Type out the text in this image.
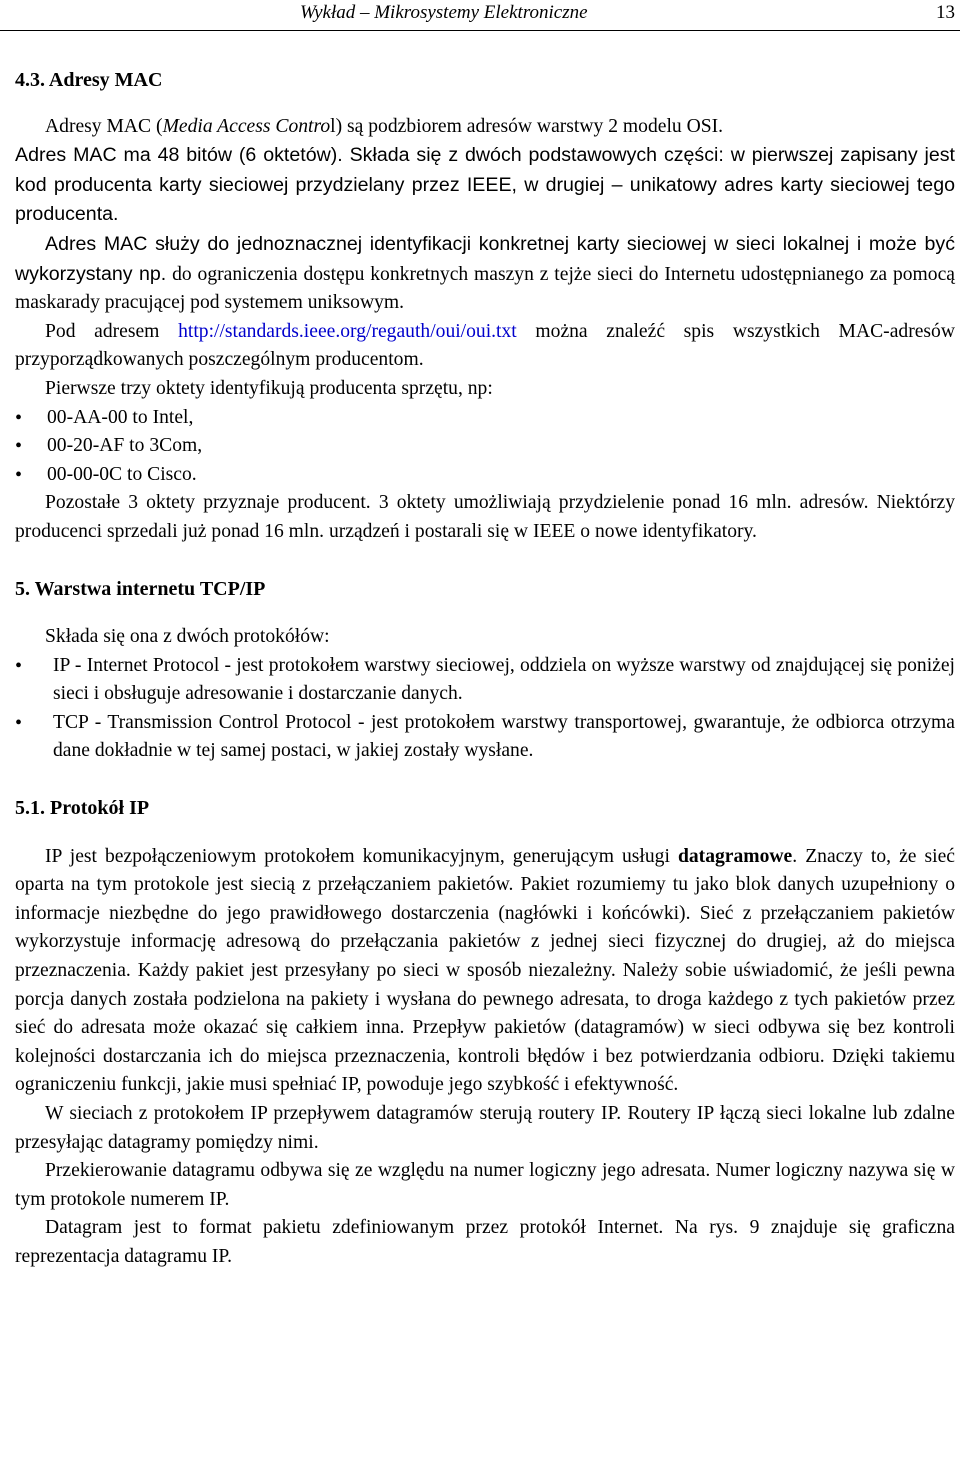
Wykład – Mikrosystemy Elektroniczne	13
4.3. Adresy MAC

Adresy MAC (Media Access Control) są podzbiorem adresów warstwy 2 modelu OSI.

Adres MAC ma 48 bitów (6 oktetów). Składa się z dwóch podstawowych części: w pierwszej zapisany jest kod producenta karty sieciowej przydzielany przez IEEE, w drugiej – unikatowy adres karty sieciowej tego producenta.

Adres MAC służy do jednoznacznej identyfikacji konkretnej karty sieciowej w sieci lokalnej i może być wykorzystany np. do ograniczenia dostępu konkretnych maszyn z tejże sieci do Internetu udostępnianego za pomocą maskarady pracującej pod systemem uniksowym.

Pod adresem http://standards.ieee.org/regauth/oui/oui.txt można znaleźć spis wszystkich MAC-adresów przyporządkowanych poszczególnym producentom.

Pierwsze trzy oktety identyfikują producenta sprzętu, np:

• 00-AA-00 to Intel,
• 00-20-AF to 3Com,
• 00-00-0C to Cisco.

Pozostałe 3 oktety przyznaje producent. 3 oktety umożliwiają przydzielenie ponad 16 mln. adresów. Niektórzy producenci sprzedali już ponad 16 mln. urządzeń i postarali się w IEEE o nowe identyfikatory.

5. Warstwa internetu TCP/IP

Składa się ona z dwóch protokółów:

• IP - Internet Protocol - jest protokołem warstwy sieciowej, oddziela on wyższe warstwy od znajdującej się poniżej sieci i obsługuje adresowanie i dostarczanie danych.
• TCP - Transmission Control Protocol - jest protokołem warstwy transportowej, gwarantuje, że odbiorca otrzyma dane dokładnie w tej samej postaci, w jakiej zostały wysłane.
5.1. Protokół IP

IP jest bezpołączeniowym protokołem komunikacyjnym, generującym usługi datagramowe. Znaczy to, że sieć oparta na tym protokole jest siecią z przełączaniem pakietów. Pakiet rozumiemy tu jako blok danych uzupełniony o informacje niezbędne do jego prawidłowego dostarczenia (nagłówki i końcówki). Sieć z przełączaniem pakietów wykorzystuje informację adresową do przełączania pakietów z jednej sieci fizycznej do drugiej, aż do miejsca przeznaczenia. Każdy pakiet jest przesyłany po sieci w sposób niezależny. Należy sobie uświadomić, że jeśli pewna porcja danych została podzielona na pakiety i wysłana do pewnego adresata, to droga każdego z tych pakietów przez sieć do adresata może okazać się całkiem inna. Przepływ pakietów (datagramów) w sieci odbywa się bez kontroli kolejności dostarczania ich do miejsca przeznaczenia, kontroli błędów i bez potwierdzania odbioru. Dzięki takiemu ograniczeniu funkcji, jakie musi spełniać IP, powoduje jego szybkość i efektywność.

W sieciach z protokołem IP przepływem datagramów sterują routery IP. Routery IP łączą sieci lokalne lub zdalne przesyłając datagramy pomiędzy nimi.

Przekierowanie datagramu odbywa się ze względu na numer logiczny jego adresata. Numer logiczny nazywa się w tym protokole numerem IP.

Datagram jest to format pakietu zdefiniowanym przez protokół Internet. Na rys. 9 znajduje się graficzna reprezentacja datagramu IP.
